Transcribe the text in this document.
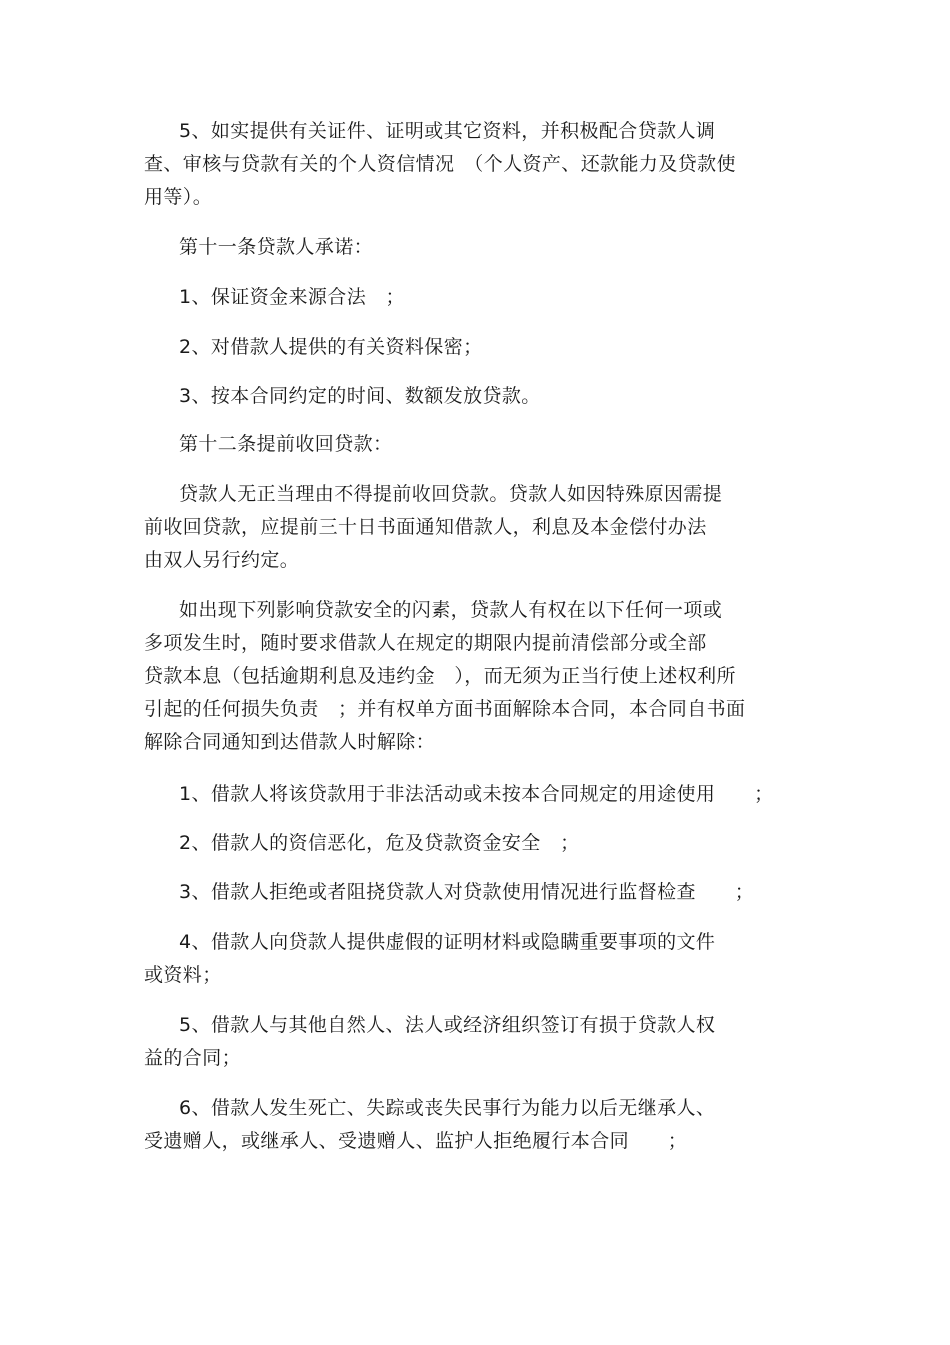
5、如实提供有关证件、证明或其它资料，并积极配合贷款人调
查、审核与贷款有关的个人资信情况　（个人资产、还款能力及贷款使
用等）。
第十一条贷款人承诺：
1、保证资金来源合法　；
2、对借款人提供的有关资料保密；
3、按本合同约定的时间、数额发放贷款。
第十二条提前收回贷款：
贷款人无正当理由不得提前收回贷款。贷款人如因特殊原因需提
前收回贷款，应提前三十日书面通知借款人，利息及本金偿付办法
由双人另行约定。
如出现下列影响贷款安全的闪素，贷款人有权在以下任何一项或
多项发生时，随时要求借款人在规定的期限内提前清偿部分或全部
贷款本息（包括逾期利息及违约金　），而无须为正当行使上述权利所
引起的任何损失负责　；并有权单方面书面解除本合同，本合同自书面
解除合同通知到达借款人时解除：
1、借款人将该贷款用于非法活动或未按本合同规定的用途使用　　；
2、借款人的资信恶化，危及贷款资金安全　；
3、借款人拒绝或者阻挠贷款人对贷款使用情况进行监督检查　　；
4、借款人向贷款人提供虚假的证明材料或隐瞒重要事项的文件
或资料；
5、借款人与其他自然人、法人或经济组织签订有损于贷款人权
益的合同；
6、借款人发生死亡、失踪或丧失民事行为能力以后无继承人、
受遗赠人，或继承人、受遗赠人、监护人拒绝履行本合同　　；
